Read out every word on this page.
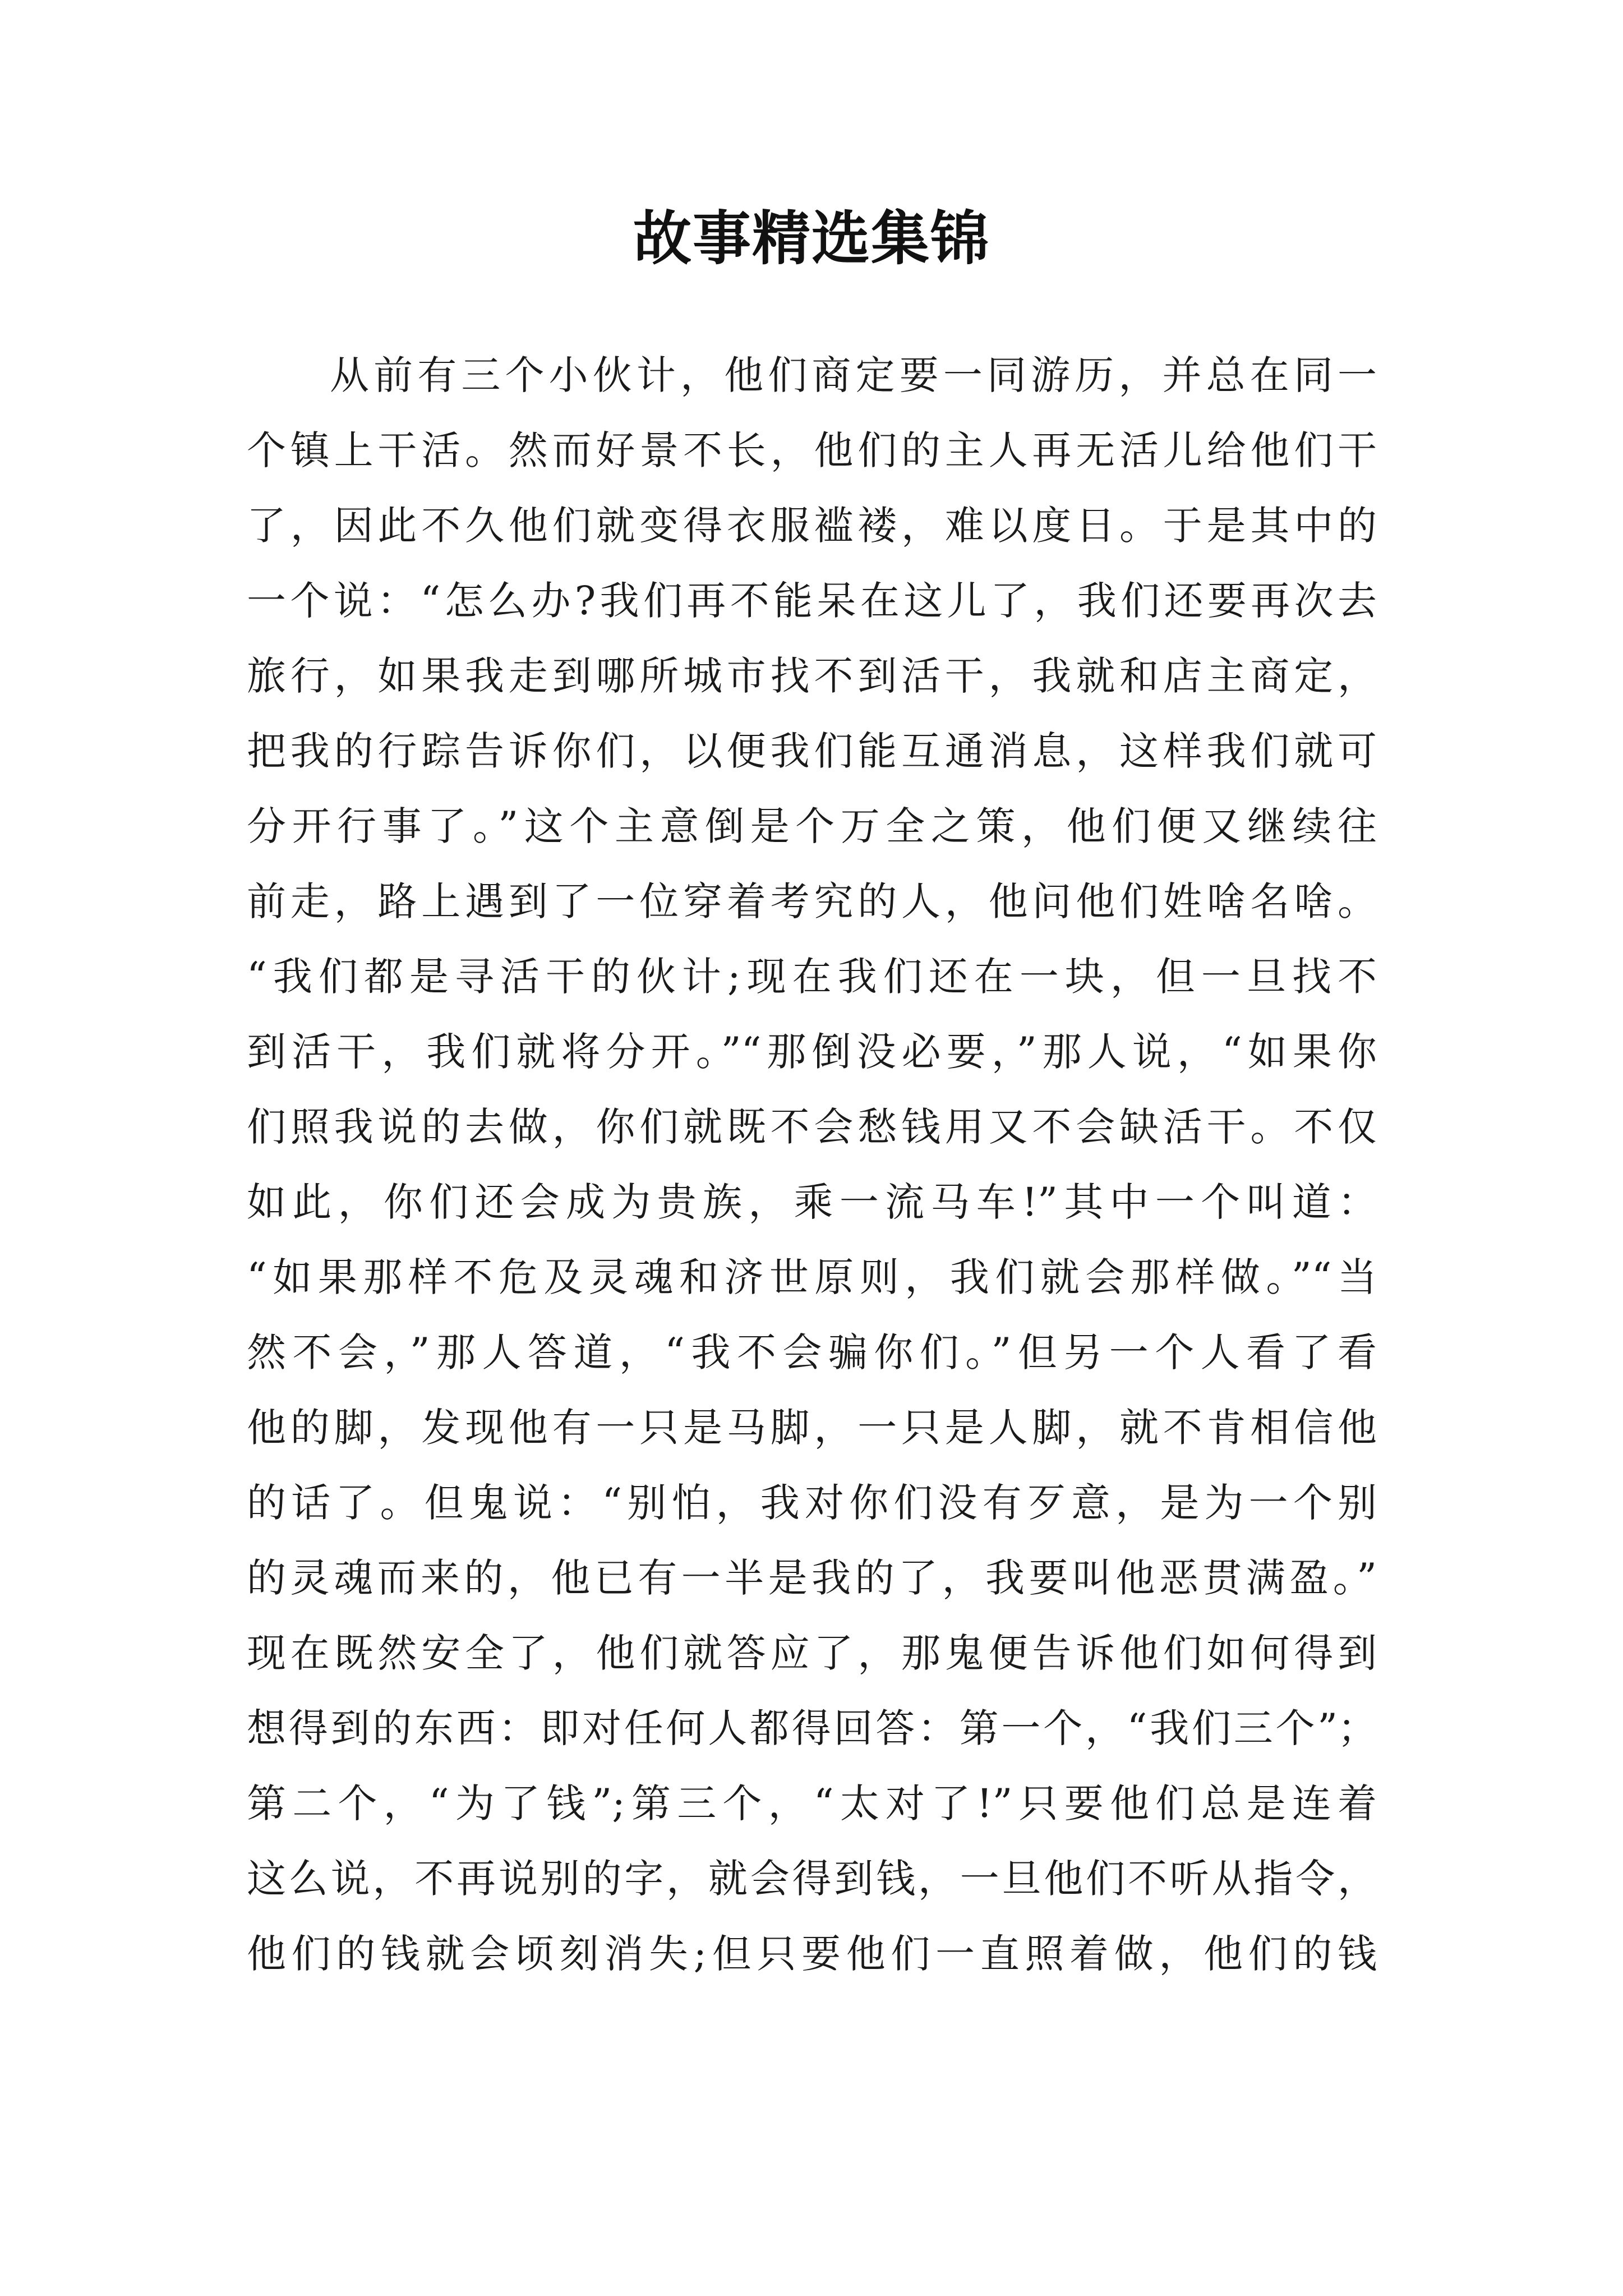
故事精选集锦
从前有三个小伙计，他们商定要一同游历，并总在同一
个镇上干活。然而好景不长，他们的主人再无活儿给他们干
了，因此不久他们就变得衣服褴褛，难以度日。于是其中的
一个说：“怎么办?我们再不能呆在这儿了，我们还要再次去
旅行，如果我走到哪所城市找不到活干，我就和店主商定，
把我的行踪告诉你们，以便我们能互通消息，这样我们就可
分开行事了。”这个主意倒是个万全之策，他们便又继续往
前走，路上遇到了一位穿着考究的人，他问他们姓啥名啥。
“我们都是寻活干的伙计;现在我们还在一块，但一旦找不
到活干，我们就将分开。”“那倒没必要，”那人说，“如果你
们照我说的去做，你们就既不会愁钱用又不会缺活干。不仅
如此，你们还会成为贵族，乘一流马车!”其中一个叫道：
“如果那样不危及灵魂和济世原则，我们就会那样做。”“当
然不会，”那人答道，“我不会骗你们。”但另一个人看了看
他的脚，发现他有一只是马脚，一只是人脚，就不肯相信他
的话了。但鬼说：“别怕，我对你们没有歹意，是为一个别
的灵魂而来的，他已有一半是我的了，我要叫他恶贯满盈。”
现在既然安全了，他们就答应了，那鬼便告诉他们如何得到
想得到的东西：即对任何人都得回答：第一个，“我们三个”；
第二个，“为了钱”;第三个，“太对了!”只要他们总是连着
这么说，不再说别的字，就会得到钱，一旦他们不听从指令，
他们的钱就会顷刻消失;但只要他们一直照着做，他们的钱
